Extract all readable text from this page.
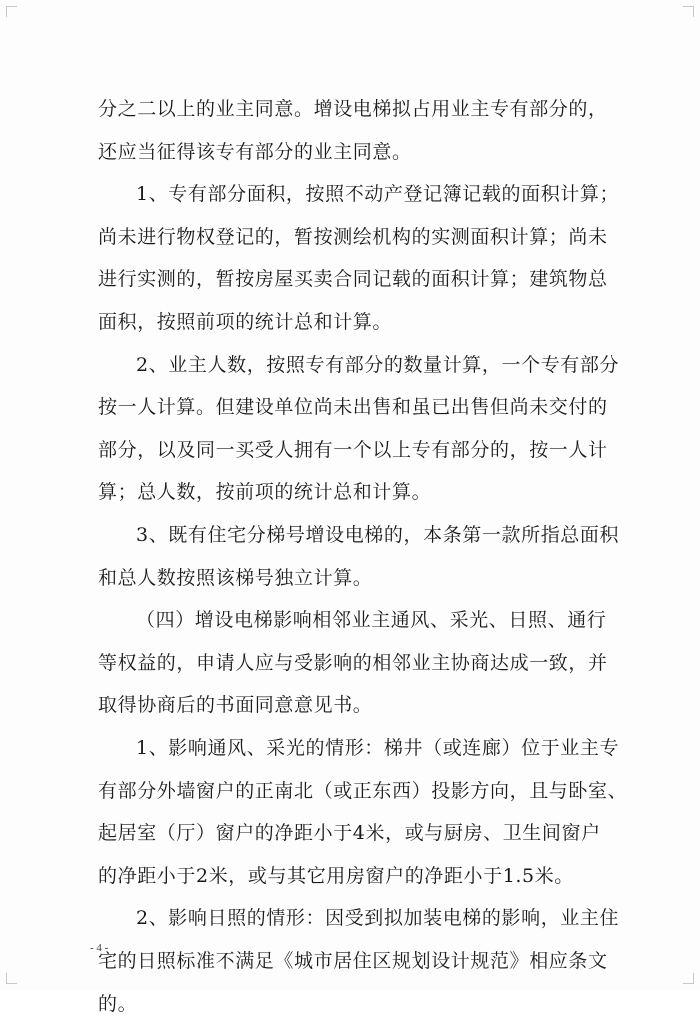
分之二以上的业主同意。增设电梯拟占用业主专有部分的，
还应当征得该专有部分的业主同意。
1、专有部分面积，按照不动产登记簿记载的面积计算；
尚未进行物权登记的，暂按测绘机构的实测面积计算；尚未
进行实测的，暂按房屋买卖合同记载的面积计算；建筑物总
面积，按照前项的统计总和计算。
2、业主人数，按照专有部分的数量计算，一个专有部分
按一人计算。但建设单位尚未出售和虽已出售但尚未交付的
部分，以及同一买受人拥有一个以上专有部分的，按一人计
算；总人数，按前项的统计总和计算。
3、既有住宅分梯号增设电梯的，本条第一款所指总面积
和总人数按照该梯号独立计算。
（四）增设电梯影响相邻业主通风、采光、日照、通行
等权益的，申请人应与受影响的相邻业主协商达成一致，并
取得协商后的书面同意意见书。
1、影响通风、采光的情形：梯井（或连廊）位于业主专
有部分外墙窗户的正南北（或正东西）投影方向，且与卧室、
起居室（厅）窗户的净距小于4米，或与厨房、卫生间窗户
的净距小于2米，或与其它用房窗户的净距小于1.5米。
2、影响日照的情形：因受到拟加装电梯的影响，业主住
宅的日照标准不满足《城市居住区规划设计规范》相应条文
的。
- 4 -
